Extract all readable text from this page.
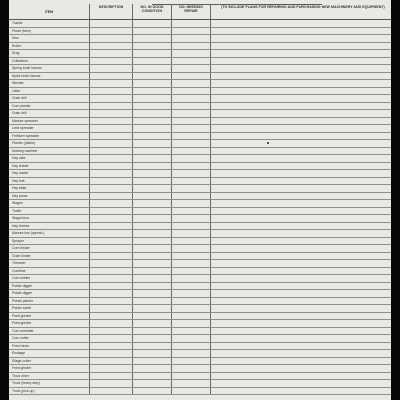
ITEM	DESCRIPTION	NO. IN GOOD CONDITION	NO. NEEDING REPAIR	(TO INCLUDE PLANS FOR REPAIRING AND PURCHASING NEW MACHINERY AND EQUIPMENT)
Tractor				
Plows (farm)				
Disc				
Roller				
Drag				
Cultivators				
Spring tooth harrow				
Spike tooth harrow				
Weeder				
Lister				
Grain drill				
Corn planter				
Grain drill				
Manure spreader				
Lime spreader				
Fertilizer spreader				
Planter (plants)				
Mowing machine				
Hay rake				
Hay tedder				
Hay loader				
Hay fork				
Hay baler				
Hay press				
Wagon				
Trailer				
Wagon box				
Hay frames				
Manure box (spread.)				
Sprayer				
Corn binder				
Grain binder				
Thresher				
Combine				
Corn sheller				
Potato digger				
Potato digger				
Potato planter				
Potato sorter				
Feed grinder				
Feed grinder				
Corn shredder				
Corn cutter				
Feed mixer				
Ensilage				
Silage cutter				
Feed grinder				
Truck other				
Truck (heavy duty)				
Truck (pick-up)				
